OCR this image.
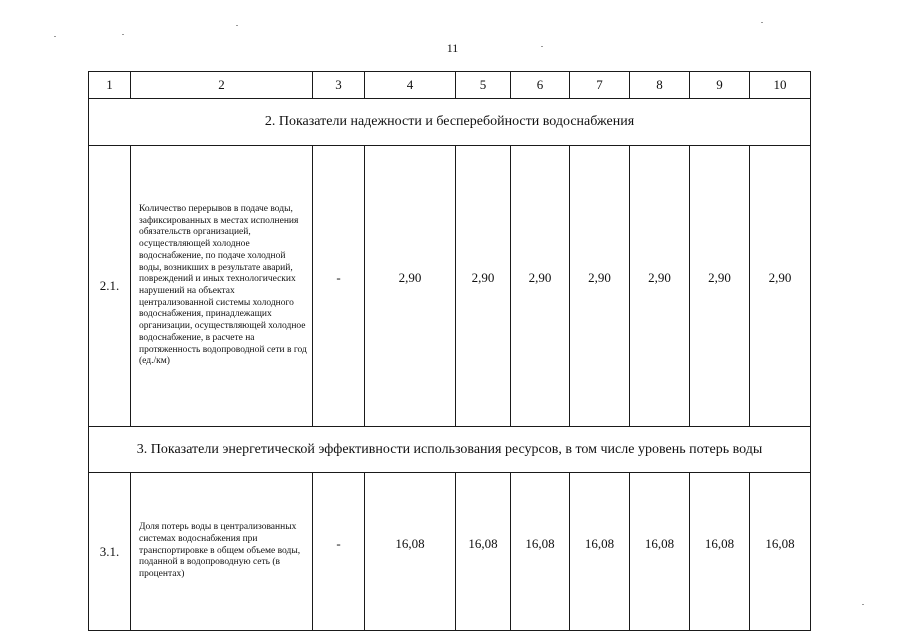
11
1	2	3	4	5	6	7	8	9	10
2. Показатели надежности и бесперебойности водоснабжения									
2.1.	Количество перерывов в подаче воды, зафиксированных в местах исполнения обязательств организацией, осуществляющей холодное водоснабжение, по подаче холодной воды, возникших в результате аварий, повреждений и иных технологических нарушений на объектах централизованной системы холодного водоснабжения, принадлежащих организации, осуществляющей холодное водоснабжение, в расчете на протяженность водопроводной сети в год (ед./км)	-	2,90	2,90	2,90	2,90	2,90	2,90	2,90
3. Показатели энергетической эффективности использования ресурсов, в том числе уровень потерь воды									
3.1.	Доля потерь воды в централизованных системах водоснабжения при транспортировке в общем объеме воды, поданной в водопроводную сеть (в процентах)	-	16,08	16,08	16,08	16,08	16,08	16,08	16,08
